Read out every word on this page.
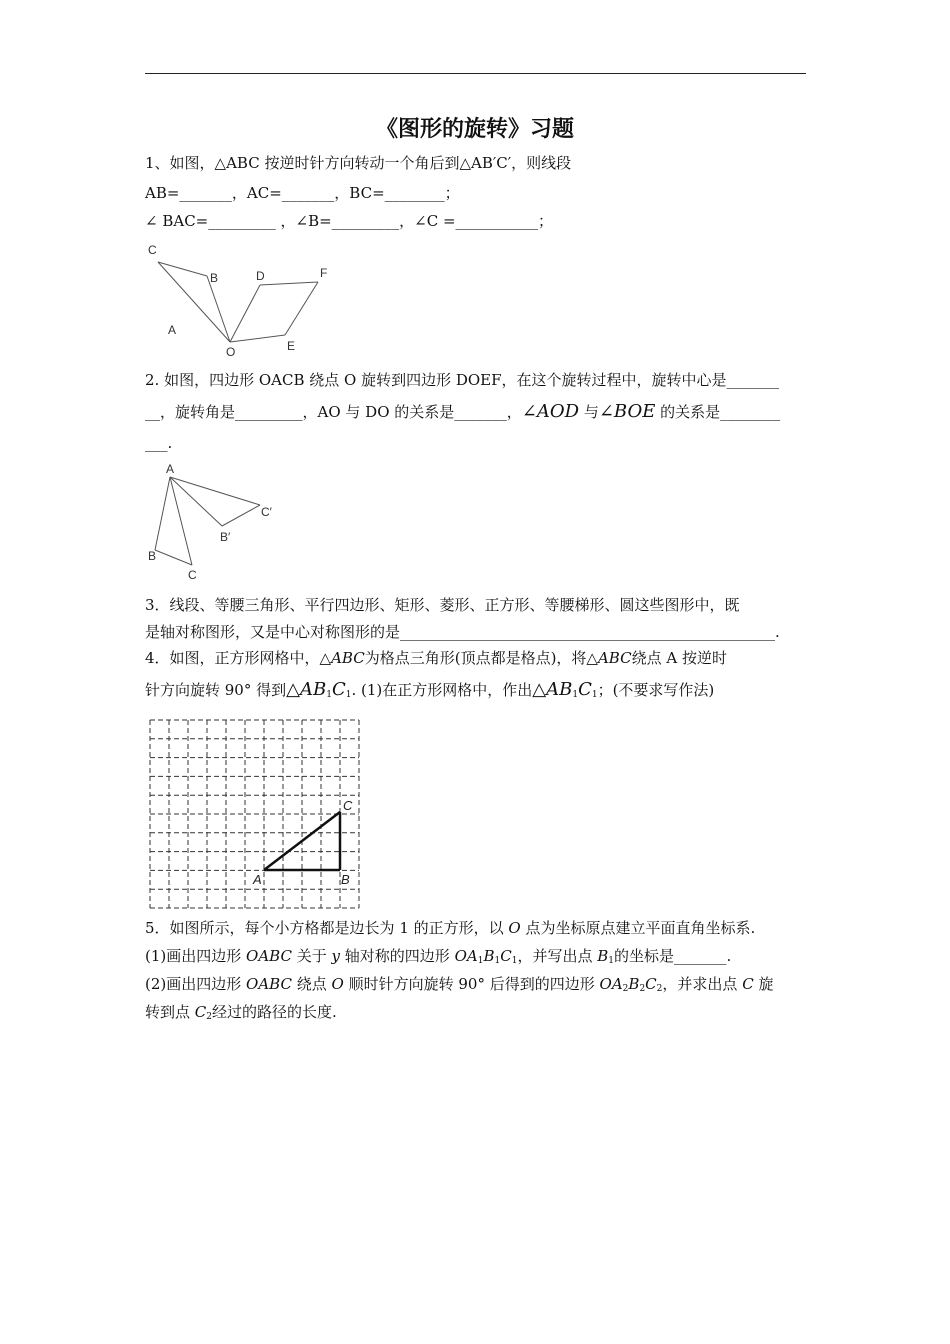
《图形的旋转》习题
1、如图，△ABC 按逆时针方向转动一个角后到△AB′C′，则线段
AB=_______，AC=_______，BC=________；
∠ BAC=_________ ，∠B=_________，∠C =___________；
C
B
A
O
D	F
E
2. 如图，四边形 OACB 绕点 O 旋转到四边形 DOEF，在这个旋转过程中，旋转中心是_______
__，旋转角是_________，AO 与 DO 的关系是_______，∠AOD 与∠BOE 的关系是________
___.
A
C′
B′
B
C
3．线段、等腰三角形、平行四边形、矩形、菱形、正方形、等腰梯形、圆这些图形中，既
是轴对称图形，又是中心对称图形的是__________________________________________________.
4．如图，正方形网格中，△ABC为格点三角形(顶点都是格点)，将△ABC绕点 A 按逆时
针方向旋转 90° 得到$\triangle AB_1C_1$. (1)在正方形网格中，作出$\triangle AB_1C_1$；(不要求写作法)
A	B
C
5．如图所示，每个小方格都是边长为 1 的正方形，以 O 点为坐标原点建立平面直角坐标系.
(1)画出四边形 OABC 关于 y 轴对称的四边形 $OA_1B_1C_1$，并写出点 $B_1$的坐标是_______.
(2)画出四边形 OABC 绕点 O 顺时针方向旋转 90° 后得到的四边形 $OA_2B_2C_2$，并求出点 C 旋
转到点 $C_2$经过的路径的长度.
